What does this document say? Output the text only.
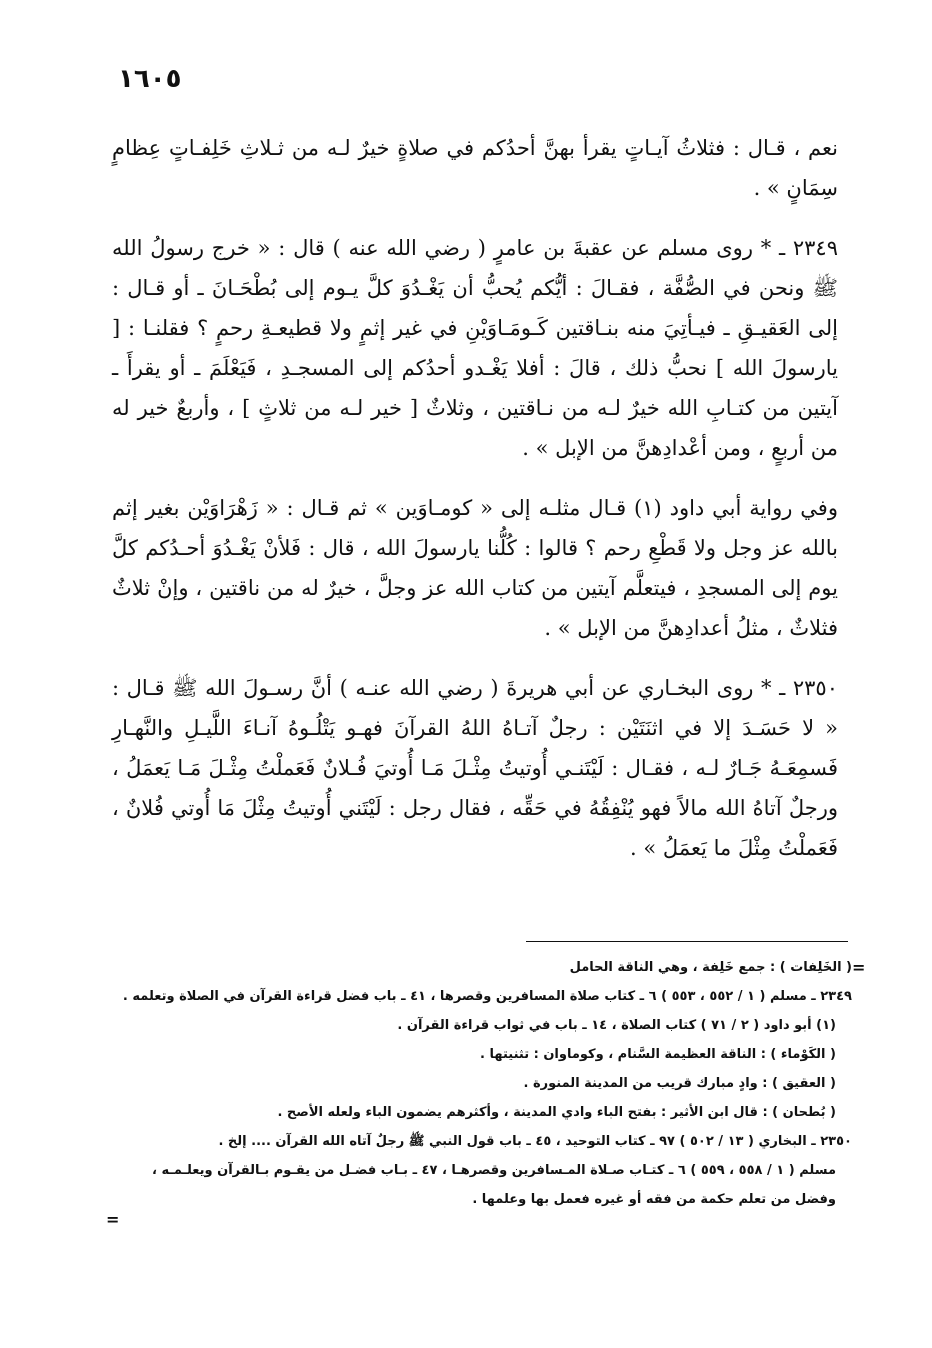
١٦٠٥

نعم ، قـال : فثلاثُ آيـاتٍ يقرأ بهنَّ أحدُكم في صلاةٍ خيرٌ لـه من ثـلاثِ خَلِفـاتٍ عِظامٍ سِمَانٍ » .

٢٣٤٩ ـ * روى مسلم عن عقبةَ بن عامرٍ ( رضي الله عنه ) قال : « خرج رسولُ الله ﷺ ونحن في الصُّفَّة ، فقـالَ : أيُّكم يُحبُّ أن يَغْـدُوَ كلَّ يـوم إلى بُطْحَـانَ ـ أو قـال : إلى العَقيـقِ ـ فيـأتِيَ منه بنـاقتين كَـومَـاوَيْنِ في غير إثمٍ ولا قطيعـةِ رحمٍ ؟ فقلنـا : [ يارسولَ الله ] نحبُّ ذلك ، قالَ : أفلا يَغْـدو أحدُكم إلى المسجـدِ ، فَيَعْلَمَ ـ أو يقرأَ ـ آيتين من كتـابِ الله خيرٌ لـه من نـاقتين ، وثلاثٌ [ خير لـه من ثلاثٍ ] ، وأربعٌ خير له من أربعٍ ، ومن أعْدادِهنَّ من الإبل » .

وفي رواية أبي داود (١) قـال مثلـه إلى « كومـاوَين » ثم قـال : « زَهْرَاوَيْن بغير إثم بالله عز وجل ولا قَطْعِ رحم ؟ قالوا : كُلُّنا يارسولَ الله ، قال : فَلأنْ يَغْـدُوَ أحـدُكم كلَّ يوم إلى المسجدِ ، فيتعلَّم آيتين من كتاب الله عز وجلَّ ، خيرٌ له من ناقتين ، وإنْ ثلاثٌ فثلاثٌ ، مثلُ أعدادِهنَّ من الإبل » .

٢٣٥٠ ـ * روى البخـاري عن أبي هريرةَ ( رضي الله عنـه ) أنَّ رسـولَ الله ﷺ قـال : « لا حَسَـدَ إلا في اثنَتَيْن : رجلٌ آتـاهُ اللهُ القرآنَ فهـو يَتْلُـوهُ آنـاءَ اللَّيـلِ والنَّهـارِ فَسمِعَـهُ جَـارٌ لـه ، فقـال : لَيْتَنـي أُوتيتُ مِثْـلَ مَـا أُوتيَ فُـلانٌ فَعَملْتُ مِثْـلَ مَـا يَعمَلُ ، ورجلٌ آتاهُ الله مالاً فهو يُنْفِقُهُ في حَقِّه ، فقال رجل : لَيْتَني أُوتيتُ مِثْلَ مَا أُوتي فُلانٌ ، فَعَملْتُ مِثْلَ ما يَعمَلُ » .

=

( الخَلِفات ) : جمع خَلِفة ، وهي الناقة الحامل

٢٣٤٩ ـ مسلم ( ١ / ٥٥٢ ، ٥٥٣ ) ٦ ـ كتاب صلاة المسافرين وقصرها ، ٤١ ـ باب فضل قراءة القرآن في الصلاة وتعلمه .

(١) أبو داود ( ٢ / ٧١ ) كتاب الصلاة ، ١٤ ـ باب في ثواب قراءة القرآن .

( الكَوْماء ) : الناقة العظيمة السَّنام ، وكوماوان : تثنيتها .

( العقيق ) : وادٍ مبارك قريب من المدينة المنورة .

( بُطحان ) : قال ابن الأثير : بفتح الباء وادي المدينة ، وأكثرهم يضمون الباء ولعله الأصح .

٢٣٥٠ ـ البخاري ( ١٣ / ٥٠٢ ) ٩٧ ـ كتاب التوحيد ، ٤٥ ـ باب قول النبي ﷺ رجلٌ آتاه الله القرآن .... إلخ .

مسلم ( ١ / ٥٥٨ ، ٥٥٩ ) ٦ ـ كتـاب صـلاة المـسافرين وقصرهـا ، ٤٧ ـ بـاب فضـل من يقـوم بـالقرآن ويعلـمـه ،

وفضل من تعلم حكمة من فقه أو غيره فعمل بها وعلمها .

=
